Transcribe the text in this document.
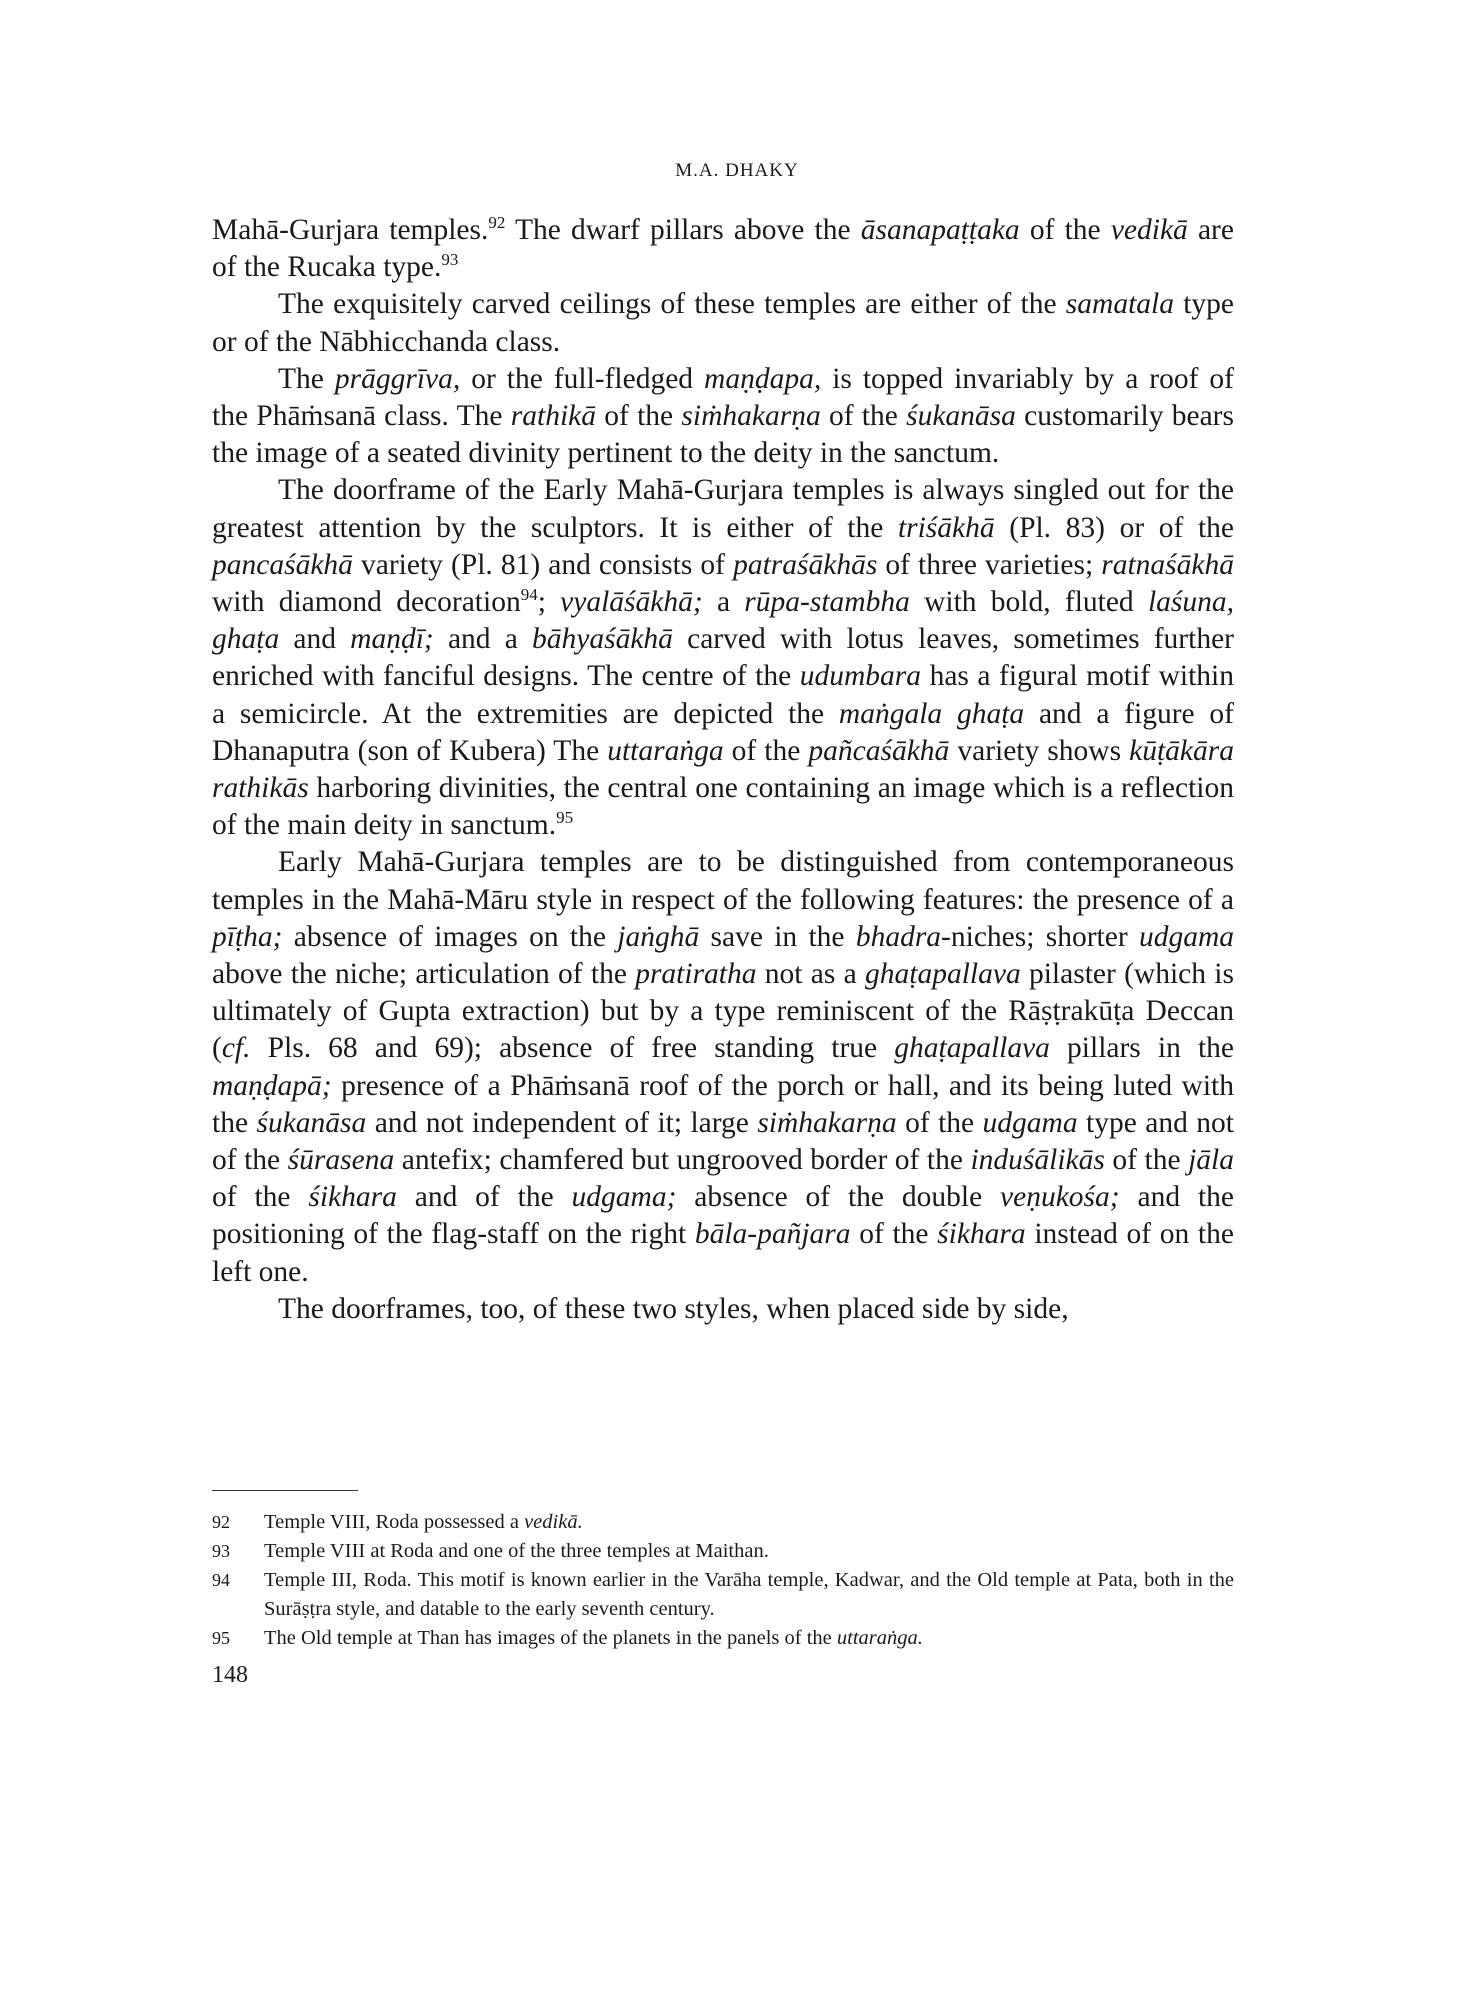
M.A. DHAKY

Mahā-Gurjara temples.$^{92}$ The dwarf pillars above the āsanapaṭṭaka of the vedikā are of the Rucaka type.$^{93}$

The exquisitely carved ceilings of these temples are either of the samatala type or of the Nābhicchanda class.

The prāggrīva, or the full-fledged maṇḍapa, is topped invariably by a roof of the Phāṁsanā class. The rathikā of the siṁhakarṇa of the śukanāsa customarily bears the image of a seated divinity pertinent to the deity in the sanctum.

The doorframe of the Early Mahā-Gurjara temples is always singled out for the greatest attention by the sculptors. It is either of the triśākhā (Pl. 83) or of the pancaśākhā variety (Pl. 81) and consists of patraśākhās of three varieties; ratnaśākhā with diamond decoration$^{94}$; vyalāśākhā; a rūpa-stambha with bold, fluted laśuna, ghaṭa and maṇḍī; and a bāhyaśākhā carved with lotus leaves, sometimes further enriched with fanciful designs. The centre of the udumbara has a figural motif within a semicircle. At the extremities are depicted the maṅgala ghaṭa and a figure of Dhanaputra (son of Kubera) The uttaraṅga of the pañcaśākhā variety shows kūṭākāra rathikās harboring divinities, the central one containing an image which is a reflection of the main deity in sanctum.$^{95}$

Early Mahā-Gurjara temples are to be distinguished from contemporaneous temples in the Mahā-Māru style in respect of the following features: the presence of a pīṭha; absence of images on the jaṅghā save in the bhadra-niches; shorter udgama above the niche; articulation of the pratiratha not as a ghaṭapallava pilaster (which is ultimately of Gupta extraction) but by a type reminiscent of the Rāṣṭrakūṭa Deccan (cf. Pls. 68 and 69); absence of free standing true ghaṭapallava pillars in the maṇḍapā; presence of a Phāṁsanā roof of the porch or hall, and its being luted with the śukanāsa and not independent of it; large siṁhakarṇa of the udgama type and not of the śūrasena antefix; chamfered but ungrooved border of the induśālikās of the jāla of the śikhara and of the udgama; absence of the double veṇukośa; and the positioning of the flag-staff on the right bāla-pañjara of the śikhara instead of on the left one.

The doorframes, too, of these two styles, when placed side by side,

92	Temple VIII, Roda possessed a vedikā.
93	Temple VIII at Roda and one of the three temples at Maithan.
94	Temple III, Roda. This motif is known earlier in the Varāha temple, Kadwar, and the Old temple at Pata, both in the Surāṣṭra style, and datable to the early seventh century.
95	The Old temple at Than has images of the planets in the panels of the uttaraṅga.
148
